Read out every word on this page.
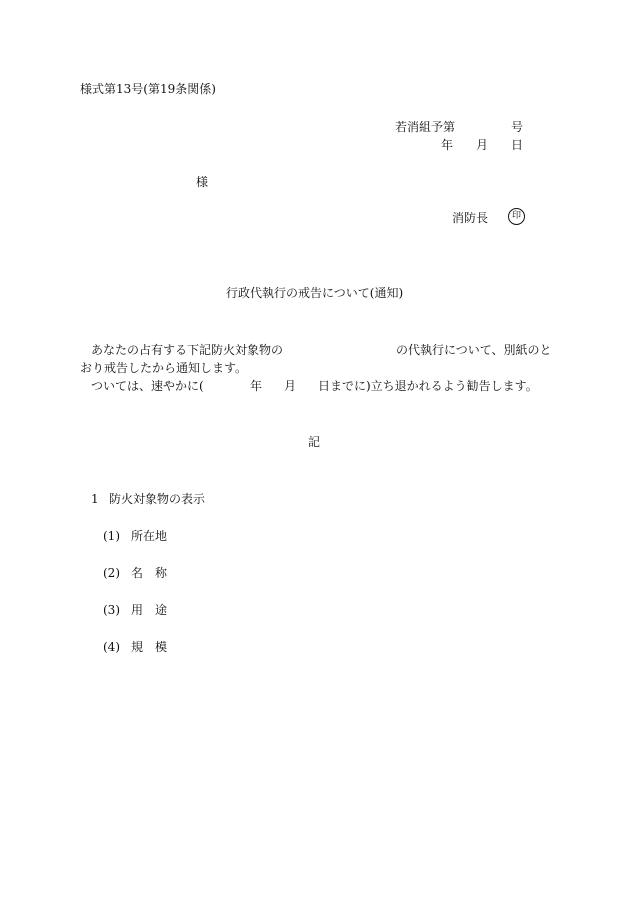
様式第13号(第19条関係)
若消組予第	号
年 月 日
様
消防長	印
行政代執行の戒告について(通知)
あなたの占有する下記防火対象物の	の代執行について、別紙のと
おり戒告したから通知します。
ついては、速やかに(	年 月 日までに)立ち退かれるよう勧告します。
記
1 防火対象物の表示
(1) 所在地
(2) 名　称
(3) 用　途
(4) 規　模
